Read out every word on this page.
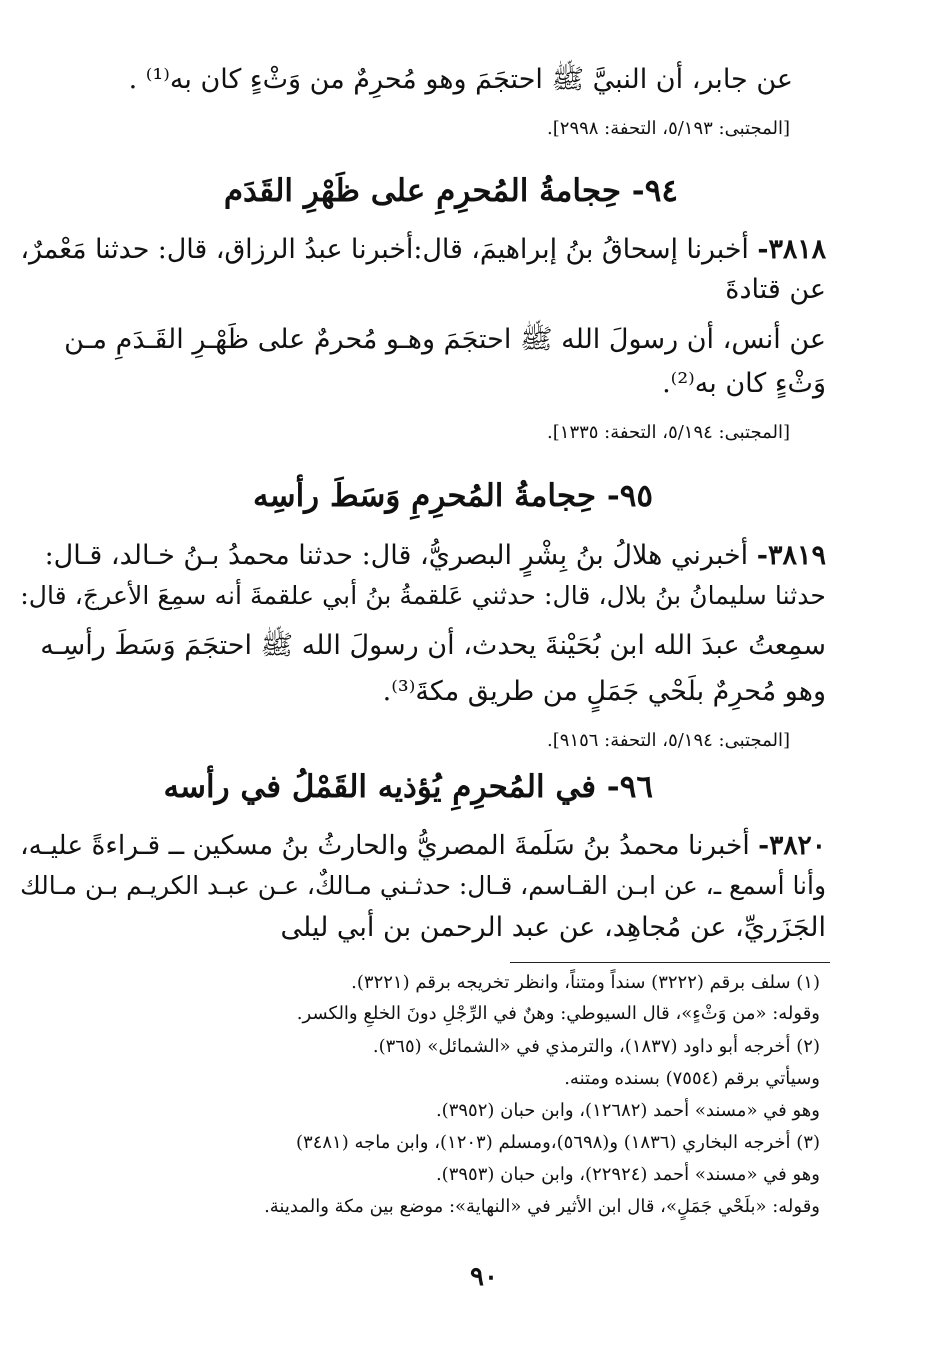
عن جابر، أن النبيَّ ﷺ احتجَمَ وهو مُحرِمٌ من وَثْءٍ كان به⁽¹⁾ .
[المجتبى: ٥/١٩٣، التحفة: ٢٩٩٨].
٩٤- حِجامةُ المُحرِمِ على ظَهْرِ القَدَم
٣٨١٨- أخبرنا إسحاقُ بنُ إبراهيمَ، قال:أخبرنا عبدُ الرزاق، قال: حدثنا مَعْمرٌ،
عن قتادةَ
عن أنس، أن رسولَ الله ﷺ احتجَمَ وهـو مُحرمٌ على ظَهْـرِ القَـدَمِ مـن
وَثْءٍ كان به⁽²⁾.
[المجتبى: ٥/١٩٤، التحفة: ١٣٣٥].
٩٥- حِجامةُ المُحرِمِ وَسَطَ رأسِه
٣٨١٩- أخبرني هلالُ بنُ بِشْرٍ البصريُّ، قال: حدثنا محمدُ بـنُ خـالد، قـال:
حدثنا سليمانُ بنُ بلال، قال: حدثني عَلقمةُ بنُ أبي علقمةَ أنه سمِعَ الأعرجَ، قال:
سمِعتُ عبدَ الله ابن بُحَيْنةَ يحدث، أن رسولَ الله ﷺ احتجَمَ وَسَطَ رأسِـه
وهو مُحرِمٌ بلَحْي جَمَلٍ من طريق مكةَ⁽³⁾.
[المجتبى: ٥/١٩٤، التحفة: ٩١٥٦].
٩٦- في المُحرِمِ يُؤذيه القَمْلُ في رأسه
٣٨٢٠- أخبرنا محمدُ بنُ سَلَمةَ المصريُّ والحارثُ بنُ مسكين ــ قـراءةً عليـه،
وأنا أسمع ـ، عن ابـن القـاسم، قـال: حدثـني مـالكٌ، عـن عبـد الكريـم بـن مـالك
الجَزَريِّ، عن مُجاهِد، عن عبد الرحمن بن أبي ليلى
(١) سلف برقم (٣٢٢٢) سنداً ومتناً، وانظر تخريجه برقم (٣٢٢١).
وقوله: «من وَثْءٍ»، قال السيوطي: وهنٌ في الرِّجْلِ دونَ الخلعِ والكسر.
(٢) أخرجه أبو داود (١٨٣٧)، والترمذي في «الشمائل» (٣٦٥).
وسيأتي برقم (٧٥٥٤) بسنده ومتنه.
وهو في «مسند» أحمد (١٢٦٨٢)، وابن حبان (٣٩٥٢).
(٣) أخرجه البخاري (١٨٣٦) و(٥٦٩٨)،ومسلم (١٢٠٣)، وابن ماجه (٣٤٨١)
وهو في «مسند» أحمد (٢٢٩٢٤)، وابن حبان (٣٩٥٣).
وقوله: «بلَحْي جَمَلٍ»، قال ابن الأثير في «النهاية»: موضع بين مكة والمدينة.
٩٠
